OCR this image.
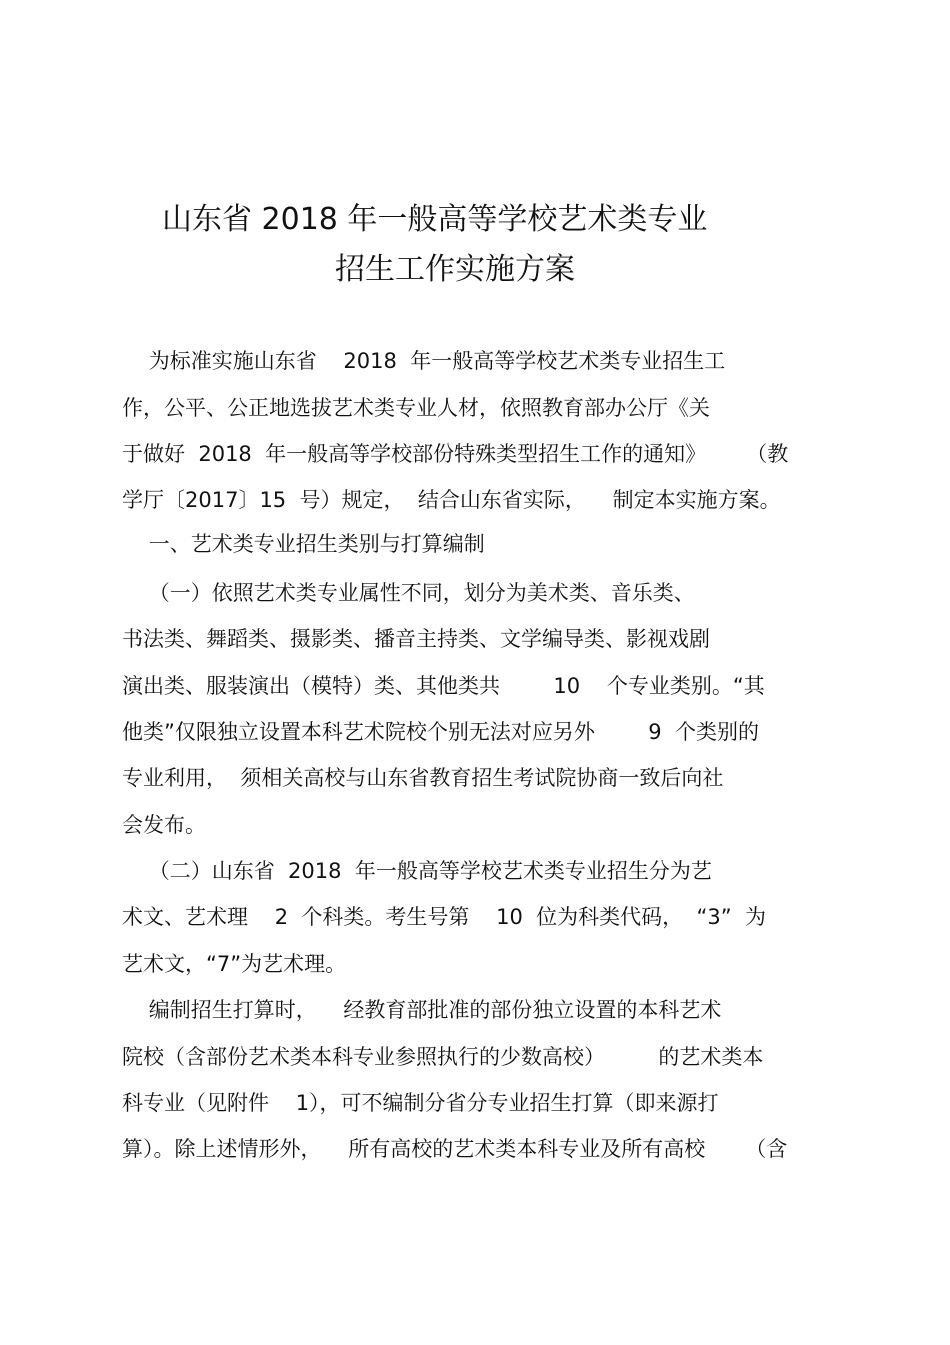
山东省 2018 年一般高等学校艺术类专业
招生工作实施方案
为标准实施山东省    2018  年一般高等学校艺术类专业招生工
作，公平、公正地选拔艺术类专业人材，依照教育部办公厅《关
于做好  2018  年一般高等学校部份特殊类型招生工作的通知》      （教
学厅〔2017〕15  号）规定，  结合山东省实际，    制定本实施方案。
一、艺术类专业招生类别与打算编制
（一）依照艺术类专业属性不同，划分为美术类、音乐类、
书法类、舞蹈类、摄影类、播音主持类、文学编导类、影视戏剧
演出类、服装演出（模特）类、其他类共        10    个专业类别。“其
他类”仅限独立设置本科艺术院校个别无法对应另外        9  个类别的
专业利用，  须相关高校与山东省教育招生考试院协商一致后向社
会发布。
（二）山东省  2018  年一般高等学校艺术类专业招生分为艺
术文、艺术理    2  个科类。考生号第    10  位为科类代码，  “3”  为
艺术文，“7”为艺术理。
编制招生打算时，    经教育部批准的部份独立设置的本科艺术
院校（含部份艺术类本科专业参照执行的少数高校）        的艺术类本
科专业（见附件    1），可不编制分省分专业招生打算（即来源打
算）。除上述情形外，    所有高校的艺术类本科专业及所有高校      （含
